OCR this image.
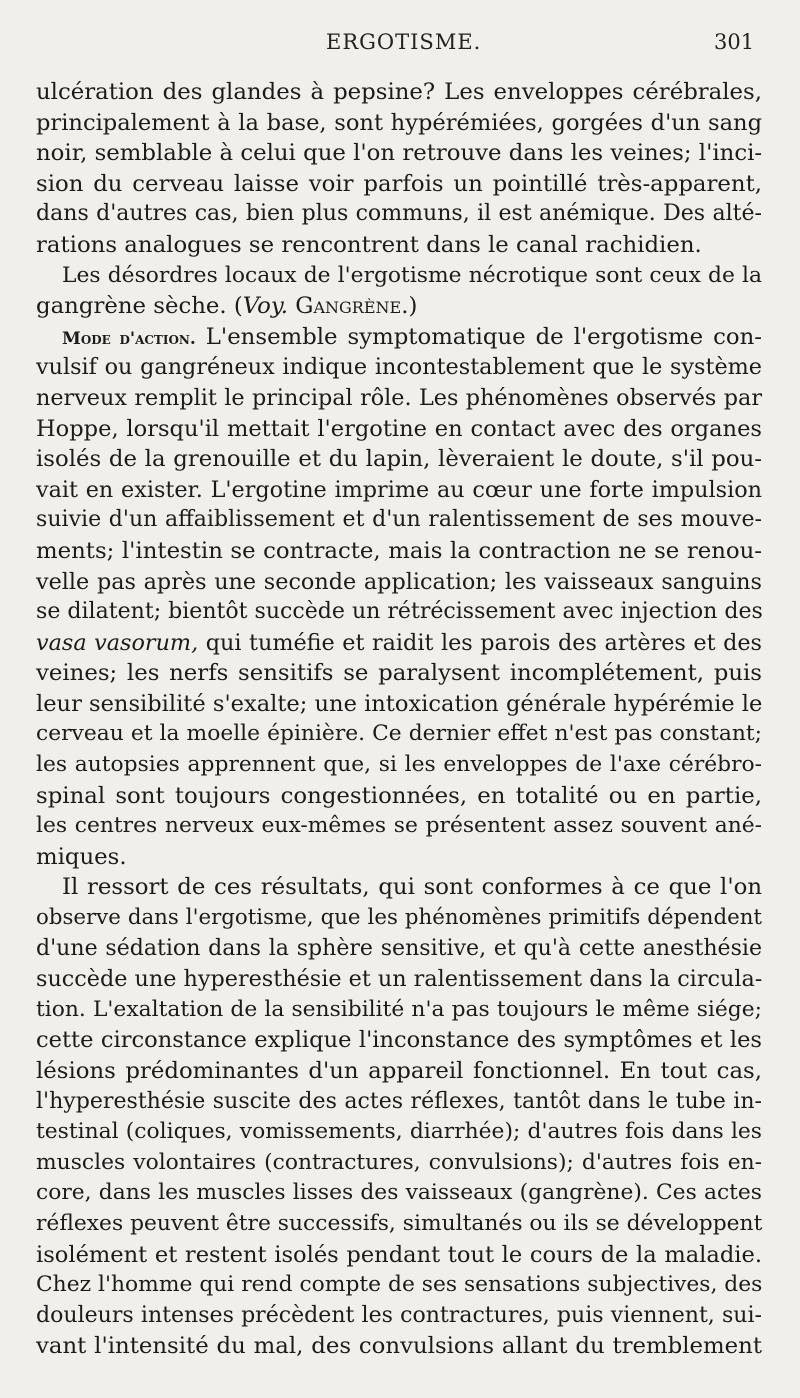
ERGOTISME.	301
ulcération des glandes à pepsine? Les enveloppes cérébrales,
principalement à la base, sont hypérémiées, gorgées d'un sang
noir, semblable à celui que l'on retrouve dans les veines; l'inci-
sion du cerveau laisse voir parfois un pointillé très-apparent,
dans d'autres cas, bien plus communs, il est anémique. Des alté-
rations analogues se rencontrent dans le canal rachidien.
Les désordres locaux de l'ergotisme nécrotique sont ceux de la
gangrène sèche. (Voy. Gangrène.)
Mode d'action. L'ensemble symptomatique de l'ergotisme con-
vulsif ou gangréneux indique incontestablement que le système
nerveux remplit le principal rôle. Les phénomènes observés par
Hoppe, lorsqu'il mettait l'ergotine en contact avec des organes
isolés de la grenouille et du lapin, lèveraient le doute, s'il pou-
vait en exister. L'ergotine imprime au cœur une forte impulsion
suivie d'un affaiblissement et d'un ralentissement de ses mouve-
ments; l'intestin se contracte, mais la contraction ne se renou-
velle pas après une seconde application; les vaisseaux sanguins
se dilatent; bientôt succède un rétrécissement avec injection des
vasa vasorum, qui tuméfie et raidit les parois des artères et des
veines; les nerfs sensitifs se paralysent incomplétement, puis
leur sensibilité s'exalte; une intoxication générale hypérémie le
cerveau et la moelle épinière. Ce dernier effet n'est pas constant;
les autopsies apprennent que, si les enveloppes de l'axe cérébro-
spinal sont toujours congestionnées, en totalité ou en partie,
les centres nerveux eux-mêmes se présentent assez souvent ané-
miques.
Il ressort de ces résultats, qui sont conformes à ce que l'on
observe dans l'ergotisme, que les phénomènes primitifs dépendent
d'une sédation dans la sphère sensitive, et qu'à cette anesthésie
succède une hyperesthésie et un ralentissement dans la circula-
tion. L'exaltation de la sensibilité n'a pas toujours le même siége;
cette circonstance explique l'inconstance des symptômes et les
lésions prédominantes d'un appareil fonctionnel. En tout cas,
l'hyperesthésie suscite des actes réflexes, tantôt dans le tube in-
testinal (coliques, vomissements, diarrhée); d'autres fois dans les
muscles volontaires (contractures, convulsions); d'autres fois en-
core, dans les muscles lisses des vaisseaux (gangrène). Ces actes
réflexes peuvent être successifs, simultanés ou ils se développent
isolément et restent isolés pendant tout le cours de la maladie.
Chez l'homme qui rend compte de ses sensations subjectives, des
douleurs intenses précèdent les contractures, puis viennent, sui-
vant l'intensité du mal, des convulsions allant du tremblement
